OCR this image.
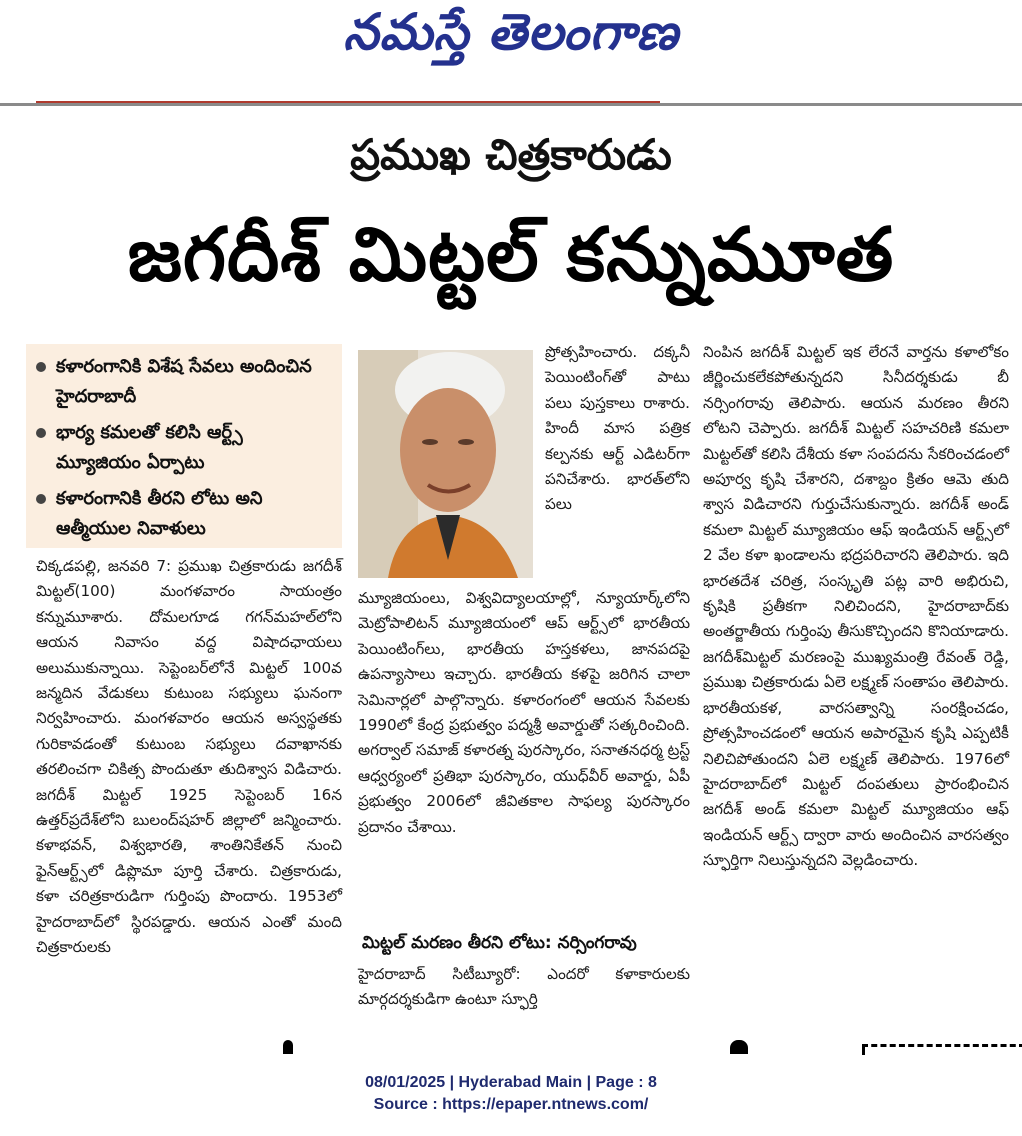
నమస్తే తెలంగాణ
ప్రముఖ చిత్రకారుడు
జగదీశ్ మిట్టల్ కన్నుమూత
కళారంగానికి విశేష సేవలు అందించిన హైదరాబాదీ
భార్య కమలతో కలిసి ఆర్ట్స్ మ్యూజియం ఏర్పాటు
కళారంగానికి తీరని లోటు అని ఆత్మీయుల నివాళులు

చిక్కడపల్లి, జనవరి 7: ప్రముఖ చిత్రకారుడు జగదీశ్ మిట్టల్(100) మంగళవారం సాయంత్రం కన్నుమూశారు. దోమలగూడ గగన్‌మహల్‌లోని ఆయన నివాసం వద్ద విషాదఛాయలు అలుముకున్నాయి. సెప్టెంబర్‌లోనే మిట్టల్ 100వ జన్మదిన వేడుకలు కుటుంబ సభ్యులు ఘనంగా నిర్వహించారు. మంగళవారం ఆయన అస్వస్థతకు గురికావడంతో కుటుంబ సభ్యులు దవాఖానకు తరలించగా చికిత్స పొందుతూ తుదిశ్వాస విడిచారు. జగదీశ్ మిట్టల్ 1925 సెప్టెంబర్ 16న ఉత్తర్‌ప్రదేశ్‌లోని బులంద్‌షహర్ జిల్లాలో జన్మించారు. కళాభవన్, విశ్వభారతి, శాంతినికేతన్ నుంచి ఫైన్‌ఆర్ట్స్‌లో డిప్లొమా పూర్తి చేశారు. చిత్రకారుడు, కళా చరిత్రకారుడిగా గుర్తింపు పొందారు. 1953లో హైదరాబాద్‌లో స్థిరపడ్డారు. ఆయన ఎంతో మంది చిత్రకారులకు

ప్రోత్సహించారు. దక్కనీ పెయింటింగ్‌తో పాటు పలు పుస్తకాలు రాశారు. హిందీ మాస పత్రిక కల్పనకు ఆర్ట్ ఎడిటర్‌గా పనిచేశారు. భారత్‌లోని పలు

మ్యూజియంలు, విశ్వవిద్యాలయాల్లో, న్యూయార్క్‌లోని మెట్రోపాలిటన్ మ్యూజియంలో ఆప్ ఆర్ట్స్‌లో భారతీయ పెయింటింగ్‌లు, భారతీయ హస్తకళలు, జానపదపై ఉపన్యాసాలు ఇచ్చారు. భారతీయ కళపై జరిగిన చాలా సెమినార్లలో పాల్గొన్నారు. కళారంగంలో ఆయన సేవలకు 1990లో కేంద్ర ప్రభుత్వం పద్మశ్రీ అవార్డుతో సత్కరించింది. అగర్వాల్ సమాజ్ కళారత్న పురస్కారం, సనాతనధర్మ ట్రస్ట్ ఆధ్వర్యంలో ప్రతిభా పురస్కారం, యుధ్‌వీర్ అవార్డు, ఏపీ ప్రభుత్వం 2006లో జీవితకాల సాఫల్య పురస్కారం ప్రదానం చేశాయి.

మిట్టల్ మరణం తీరని లోటు: నర్సింగరావు

హైదరాబాద్ సిటీబ్యూరో: ఎందరో కళాకారులకు మార్గదర్శకుడిగా ఉంటూ స్ఫూర్తి

నింపిన జగదీశ్ మిట్టల్ ఇక లేరనే వార్తను కళాలోకం జీర్ణించుకలేకపోతున్నదని సినీదర్శకుడు బీ నర్సింగరావు తెలిపారు. ఆయన మరణం తీరని లోటని చెప్పారు. జగదీశ్ మిట్టల్ సహచరిణి కమలా మిట్టల్‌తో కలిసి దేశీయ కళా సంపదను సేకరించడంలో అపూర్వ కృషి చేశారని, దశాబ్దం క్రితం ఆమె తుది శ్వాస విడిచారని గుర్తుచేసుకున్నారు. జగదీశ్ అండ్ కమలా మిట్టల్ మ్యూజియం ఆఫ్ ఇండియన్ ఆర్ట్స్‌లో 2 వేల కళా ఖండాలను భద్రపరిచారని తెలిపారు. ఇది భారతదేశ చరిత్ర, సంస్కృతి పట్ల వారి అభిరుచి, కృషికి ప్రతీకగా నిలిచిందని, హైదరాబాద్‌కు అంతర్జాతీయ గుర్తింపు తీసుకొచ్చిందని కొనియాడారు. జగదీశ్‌మిట్టల్ మరణంపై ముఖ్యమంత్రి రేవంత్ రెడ్డి, ప్రముఖ చిత్రకారుడు ఏలె లక్ష్మణ్ సంతాపం తెలిపారు. భారతీయకళ, వారసత్వాన్ని సంరక్షించడం, ప్రోత్సహించడంలో ఆయన అపారమైన కృషి ఎప్పటికీ నిలిచిపోతుందని ఏలె లక్ష్మణ్ తెలిపారు. 1976లో హైదరాబాద్‌లో మిట్టల్ దంపతులు ప్రారంభించిన జగదీశ్ అండ్ కమలా మిట్టల్ మ్యూజియం ఆఫ్ ఇండియన్ ఆర్ట్స్ ద్వారా వారు అందించిన వారసత్వం స్ఫూర్తిగా నిలుస్తున్నదని వెల్లడించారు.

08/01/2025 | Hyderabad Main | Page : 8
Source : https://epaper.ntnews.com/
